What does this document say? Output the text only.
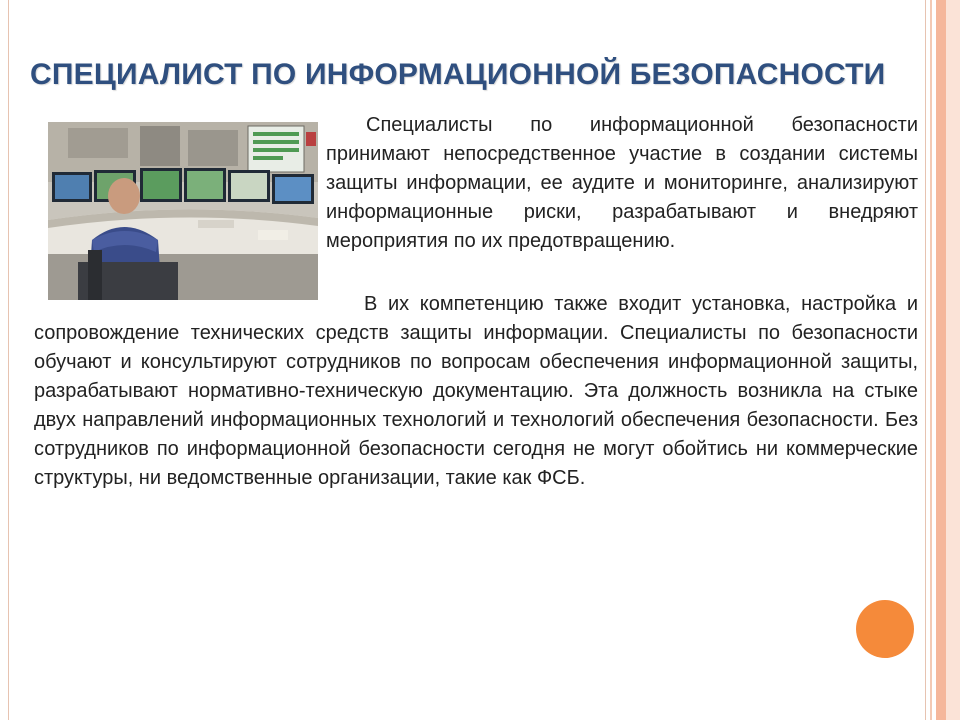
СПЕЦИАЛИСТ ПО ИНФОРМАЦИОННОЙ БЕЗОПАСНОСТИ

Специалисты по информационной безопасности принимают непосредственное участие в создании системы защиты информации, ее аудите и мониторинге, анализируют информационные риски, разрабатывают и внедряют мероприятия по их предотвращению.

В их компетенцию также входит установка, настройка и сопровождение технических средств защиты информации. Специалисты по безопасности обучают и консультируют сотрудников по вопросам обеспечения информационной защиты, разрабатывают нормативно-техническую документацию. Эта должность возникла на стыке двух направлений информационных технологий и технологий обеспечения безопасности. Без сотрудников по информационной безопасности сегодня не могут обойтись ни коммерческие структуры, ни ведомственные организации, такие как ФСБ.
